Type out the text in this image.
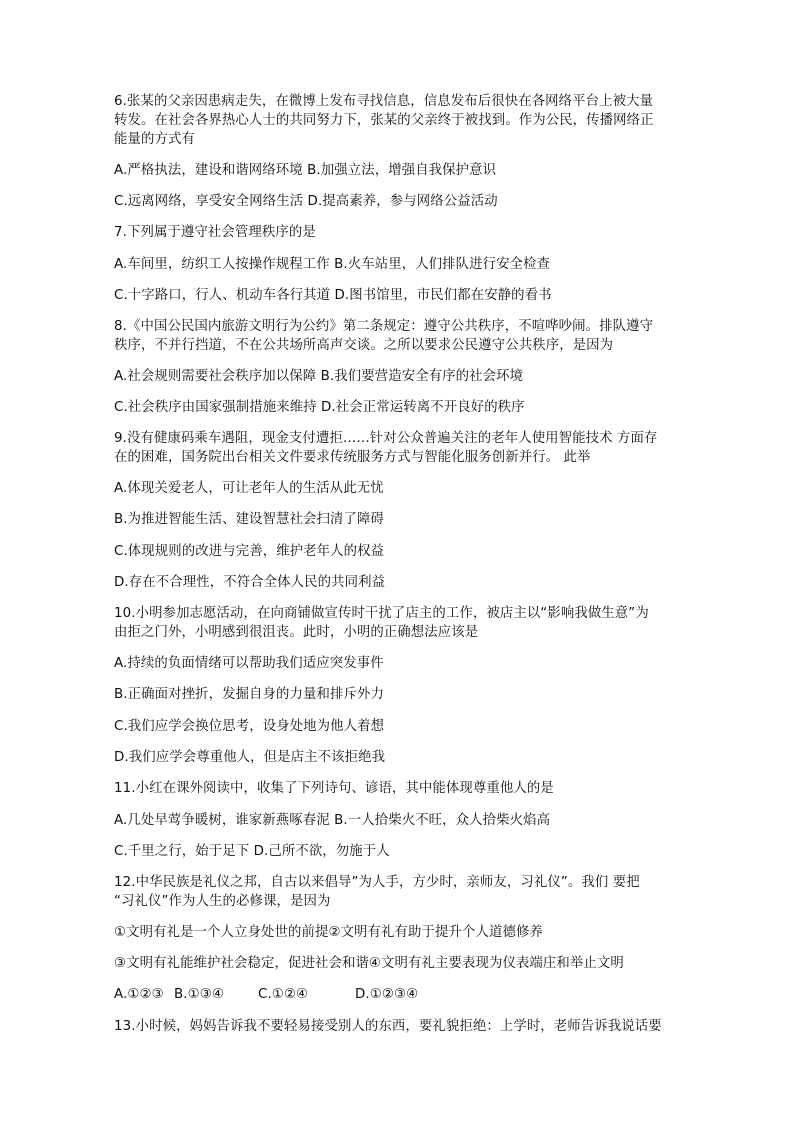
6.张某的父亲因患病走失，在微博上发布寻找信息，信息发布后很快在各网络平台上被大量
转发。在社会各界热心人士的共同努力下，张某的父亲终于被找到。作为公民，传播网络正
能量的方式有
A.严格执法，建设和谐网络环境 B.加强立法，增强自我保护意识
C.远离网络，享受安全网络生活 D.提高素养，参与网络公益活动
7.下列属于遵守社会管理秩序的是
A.车间里，纺织工人按操作规程工作 B.火车站里，人们排队进行安全检查
C.十字路口，行人、机动车各行其道 D.图书馆里，市民们都在安静的看书
8.《中国公民国内旅游文明行为公约》第二条规定：遵守公共秩序，不喧哗吵闹。排队遵守
秩序，不并行挡道，不在公共场所高声交谈。之所以要求公民遵守公共秩序，是因为
A.社会规则需要社会秩序加以保障 B.我们要营造安全有序的社会环境
C.社会秩序由国家强制措施来维持 D.社会正常运转离不开良好的秩序
9.没有健康码乘车遇阻，现金支付遭拒……针对公众普遍关注的老年人使用智能技术 方面存
在的困难，国务院出台相关文件要求传统服务方式与智能化服务创新并行。 此举
A.体现关爱老人，可让老年人的生活从此无忧
B.为推进智能生活、建设智慧社会扫清了障碍
C.体现规则的改进与完善，维护老年人的权益
D.存在不合理性，不符合全体人民的共同利益
10.小明参加志愿活动，在向商铺做宣传时干扰了店主的工作，被店主以“影响我做生意”为
由拒之门外，小明感到很沮丧。此时，小明的正确想法应该是
A.持续的负面情绪可以帮助我们适应突发事件
B.正确面对挫折，发掘自身的力量和排斥外力
C.我们应学会换位思考，设身处地为他人着想
D.我们应学会尊重他人，但是店主不该拒绝我
11.小红在课外阅读中，收集了下列诗句、谚语，其中能体现尊重他人的是
A.几处早莺争暖树，谁家新燕啄春泥 B.一人拾柴火不旺，众人拾柴火焰高
C.千里之行，始于足下 D.己所不欲，勿施于人
12.中华民族是礼仪之邦，自古以来倡导”为人手，方少时，亲师友，习礼仪”。我们 要把
“习礼仪”作为人生的必修课，是因为
①文明有礼是一个人立身处世的前提②文明有礼有助于提升个人道德修养
③文明有礼能维护社会稳定，促进社会和谐④文明有礼主要表现为仪表端庄和举止文明
A.①②③ B.①③④	C.①②④	D.①②③④
13.小时候，妈妈告诉我不要轻易接受别人的东西，要礼貌拒绝：上学时，老师告诉我说话要
